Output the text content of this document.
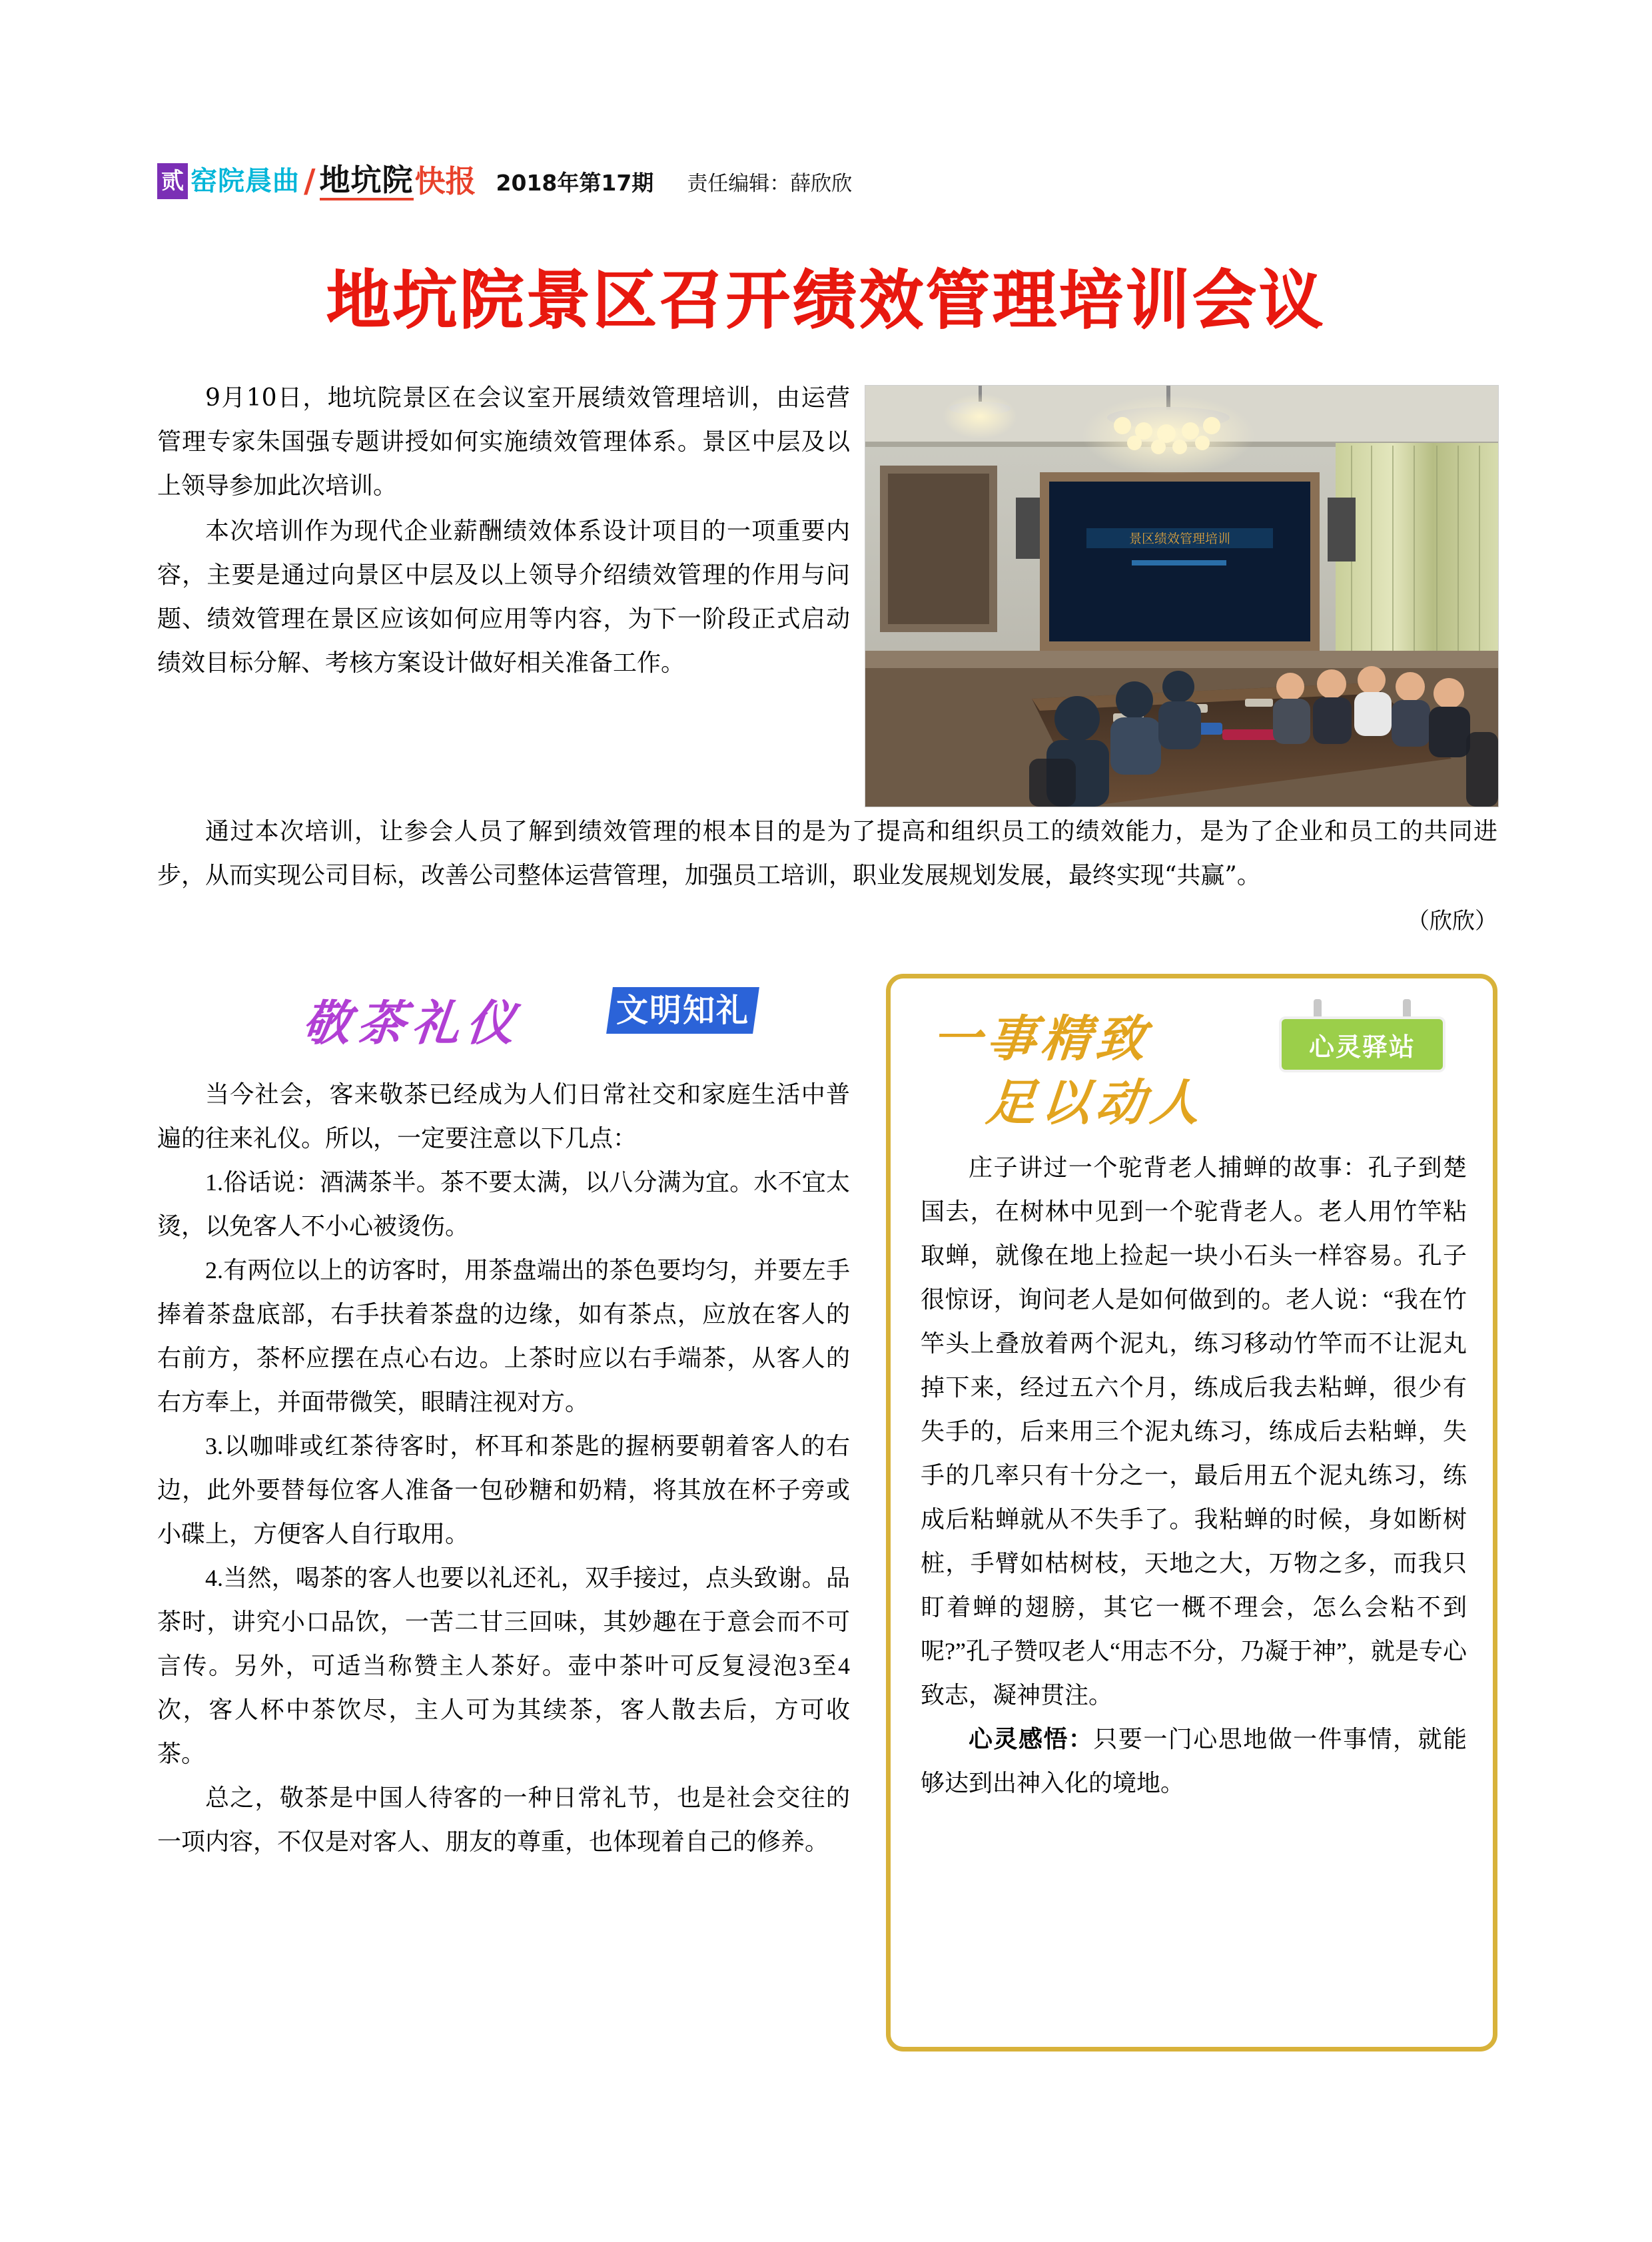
贰 窑院晨曲 / 地坑院 快报 2018年第17期 责任编辑：薛欣欣
地坑院景区召开绩效管理培训会议

9月10日，地坑院景区在会议室开展绩效管理培训，由运营管理专家朱国强专题讲授如何实施绩效管理体系。景区中层及以上领导参加此次培训。

本次培训作为现代企业薪酬绩效体系设计项目的一项重要内容，主要是通过向景区中层及以上领导介绍绩效管理的作用与问题、绩效管理在景区应该如何应用等内容，为下一阶段正式启动绩效目标分解、考核方案设计做好相关准备工作。

景区绩效管理培训

通过本次培训，让参会人员了解到绩效管理的根本目的是为了提高和组织员工的绩效能力，是为了企业和员工的共同进步，从而实现公司目标，改善公司整体运营管理，加强员工培训，职业发展规划发展，最终实现“共赢”。

（欣欣）
敬茶礼仪	文明知礼

当今社会，客来敬茶已经成为人们日常社交和家庭生活中普遍的往来礼仪。所以，一定要注意以下几点：

1.俗话说：酒满茶半。茶不要太满，以八分满为宜。水不宜太烫，以免客人不小心被烫伤。

2.有两位以上的访客时，用茶盘端出的茶色要均匀，并要左手捧着茶盘底部，右手扶着茶盘的边缘，如有茶点，应放在客人的右前方，茶杯应摆在点心右边。上茶时应以右手端茶，从客人的右方奉上，并面带微笑，眼睛注视对方。

3.以咖啡或红茶待客时，杯耳和茶匙的握柄要朝着客人的右边，此外要替每位客人准备一包砂糖和奶精，将其放在杯子旁或小碟上，方便客人自行取用。

4.当然，喝茶的客人也要以礼还礼，双手接过，点头致谢。品茶时，讲究小口品饮，一苦二甘三回味，其妙趣在于意会而不可言传。另外，可适当称赞主人茶好。壶中茶叶可反复浸泡3至4次，客人杯中茶饮尽，主人可为其续茶，客人散去后，方可收茶。

总之，敬茶是中国人待客的一种日常礼节，也是社会交往的一项内容，不仅是对客人、朋友的尊重，也体现着自己的修养。

一事精致
足以动人
心灵驿站

庄子讲过一个驼背老人捕蝉的故事：孔子到楚国去，在树林中见到一个驼背老人。老人用竹竿粘取蝉，就像在地上捡起一块小石头一样容易。孔子很惊讶，询问老人是如何做到的。老人说：“我在竹竿头上叠放着两个泥丸，练习移动竹竿而不让泥丸掉下来，经过五六个月，练成后我去粘蝉，很少有失手的，后来用三个泥丸练习，练成后去粘蝉，失手的几率只有十分之一，最后用五个泥丸练习，练成后粘蝉就从不失手了。我粘蝉的时候，身如断树桩，手臂如枯树枝，天地之大，万物之多，而我只盯着蝉的翅膀，其它一概不理会，怎么会粘不到呢?”孔子赞叹老人“用志不分，乃凝于神”，就是专心致志，凝神贯注。

心灵感悟：只要一门心思地做一件事情，就能够达到出神入化的境地。
